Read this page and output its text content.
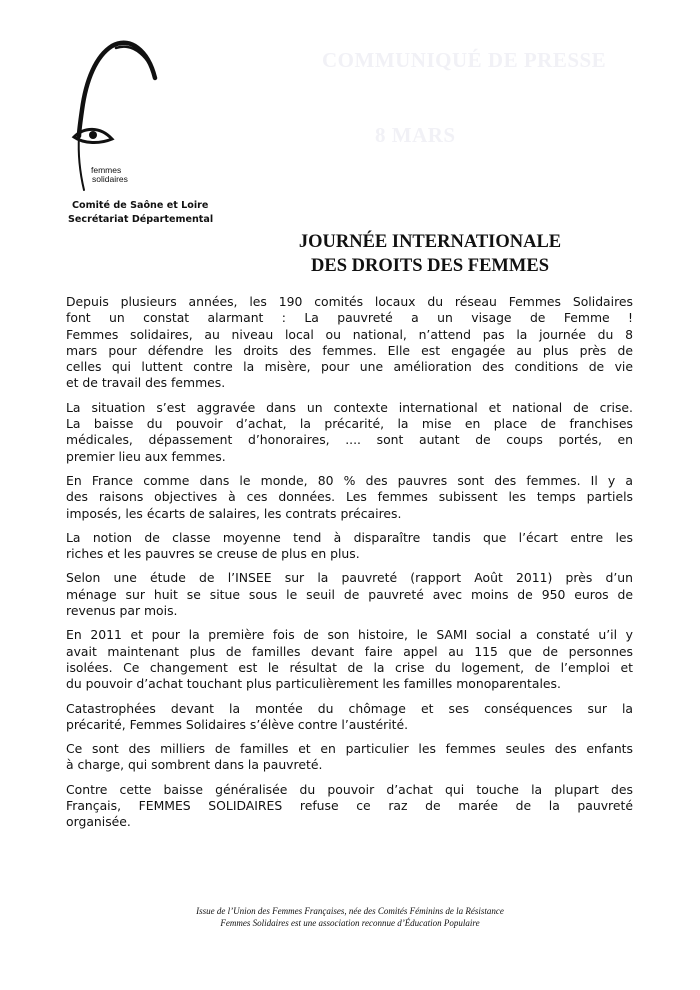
femmes
solidaires
Comité de Saône et Loire
Secrétariat Départemental
COMMUNIQUÉ DE PRESSE
8 MARS
JOURNÉE INTERNATIONALE
DES DROITS DES FEMMES

Depuis plusieurs années, les 190 comités locaux du réseau Femmes Solidaires
font un constat alarmant : La pauvreté a un visage de Femme !
Femmes solidaires, au niveau local ou national, n’attend pas la journée du 8
mars pour défendre les droits des femmes. Elle est engagée au plus près de
celles qui luttent contre la misère, pour une amélioration des conditions de vie
et de travail des femmes.

La situation s’est aggravée dans un contexte international et national de crise.
La baisse du pouvoir d’achat, la précarité, la mise en place de franchises
médicales, dépassement d’honoraires, .... sont autant de coups portés, en
premier lieu aux femmes.

En France comme dans le monde, 80 % des pauvres sont des femmes. Il y a
des raisons objectives à ces données. Les femmes subissent les temps partiels
imposés, les écarts de salaires, les contrats précaires.

La notion de classe moyenne tend à disparaître tandis que l’écart entre les
riches et les pauvres se creuse de plus en plus.

Selon une étude de l’INSEE sur la pauvreté (rapport Août 2011) près d’un
ménage sur huit se situe sous le seuil de pauvreté avec moins de 950 euros de
revenus par mois.

En 2011 et pour la première fois de son histoire, le SAMI social a constaté u’il y
avait maintenant plus de familles devant faire appel au 115 que de personnes
isolées. Ce changement est le résultat de la crise du logement, de l’emploi et
du pouvoir d’achat touchant plus particulièrement les familles monoparentales.

Catastrophées devant la montée du chômage et ses conséquences sur la
précarité, Femmes Solidaires s’élève contre l’austérité.

Ce sont des milliers de familles et en particulier les femmes seules des enfants
à charge, qui sombrent dans la pauvreté.

Contre cette baisse généralisée du pouvoir d’achat qui touche la plupart des
Français, FEMMES SOLIDAIRES refuse ce raz de marée de la pauvreté
organisée.

Issue de l’Union des Femmes Françaises, née des Comités Féminins de la Résistance
Femmes Solidaires est une association reconnue d’Éducation Populaire
